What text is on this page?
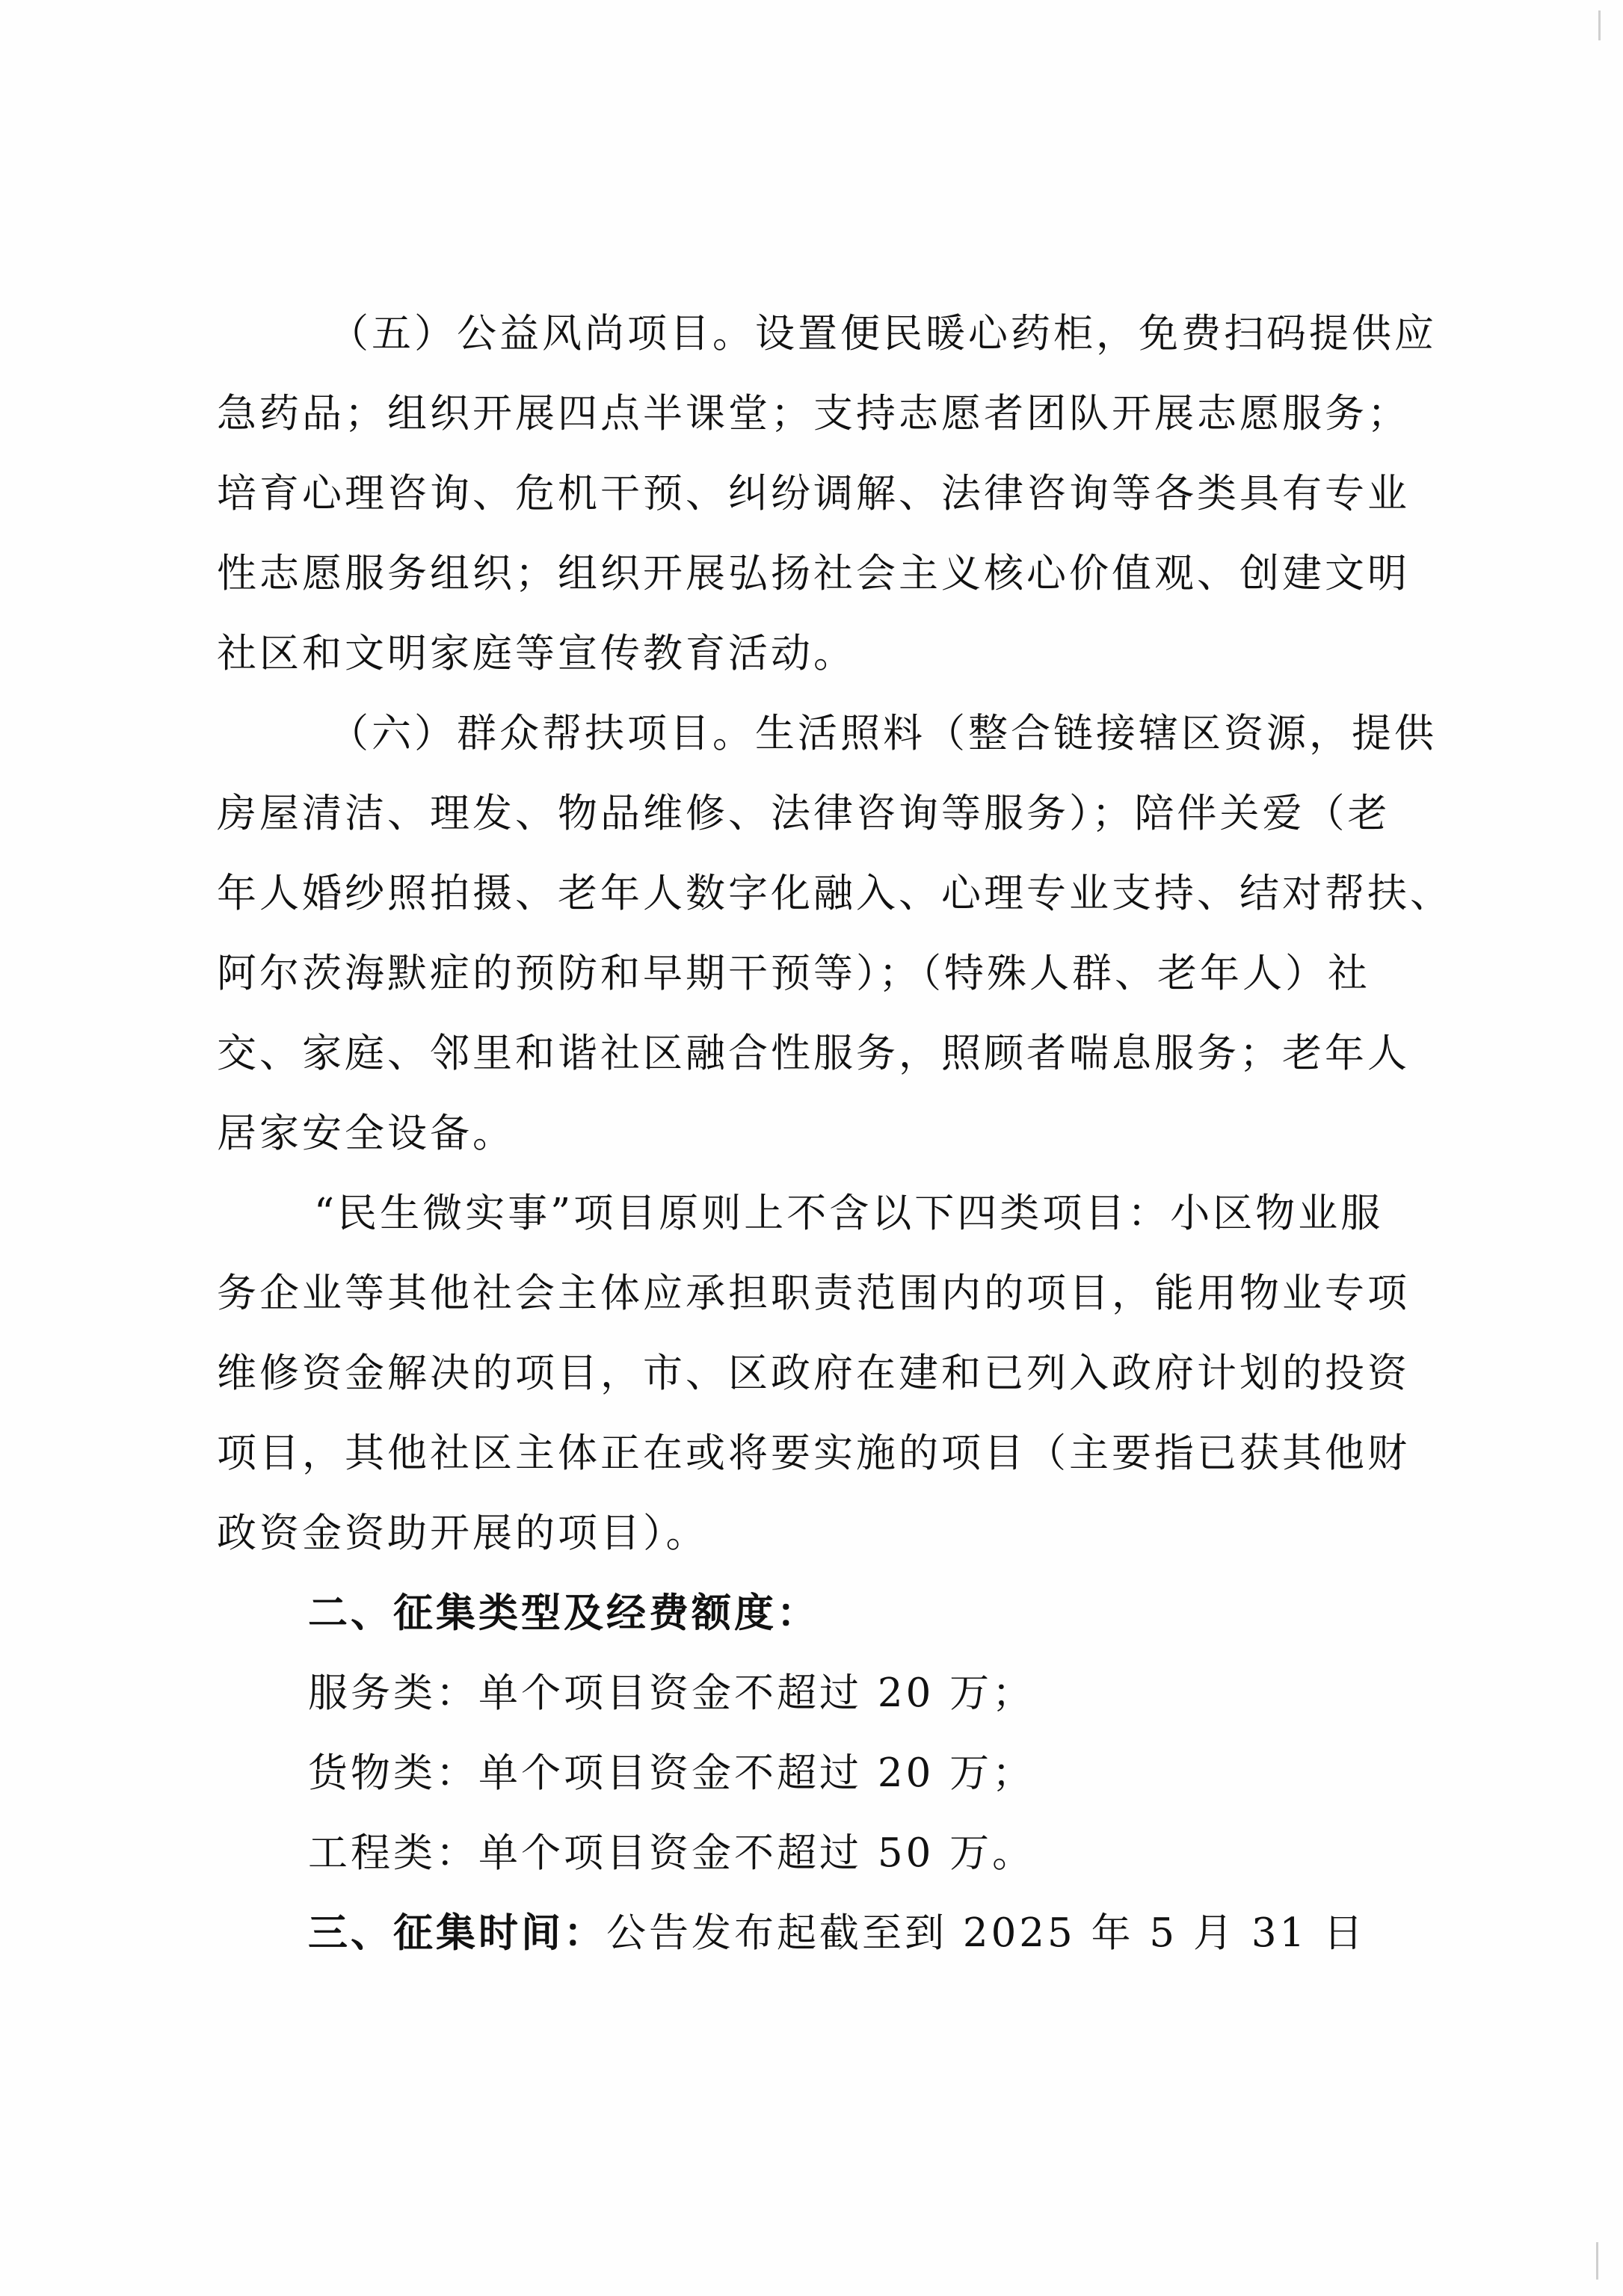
（五）公益风尚项目。设置便民暖心药柜，免费扫码提供应
急药品；组织开展四点半课堂；支持志愿者团队开展志愿服务；
培育心理咨询、危机干预、纠纷调解、法律咨询等各类具有专业
性志愿服务组织；组织开展弘扬社会主义核心价值观、创建文明
社区和文明家庭等宣传教育活动。
（六）群众帮扶项目。生活照料（整合链接辖区资源，提供
房屋清洁、理发、物品维修、法律咨询等服务）；陪伴关爱（老
年人婚纱照拍摄、老年人数字化融入、心理专业支持、结对帮扶、
阿尔茨海默症的预防和早期干预等）；（特殊人群、老年人）社
交、家庭、邻里和谐社区融合性服务，照顾者喘息服务；老年人
居家安全设备。
“民生微实事”项目原则上不含以下四类项目：小区物业服
务企业等其他社会主体应承担职责范围内的项目，能用物业专项
维修资金解决的项目，市、区政府在建和已列入政府计划的投资
项目，其他社区主体正在或将要实施的项目（主要指已获其他财
政资金资助开展的项目）。
二、征集类型及经费额度：
服务类：单个项目资金不超过 20 万；
货物类：单个项目资金不超过 20 万；
工程类：单个项目资金不超过 50 万。
三、征集时间：公告发布起截至到 2025 年 5 月 31 日
